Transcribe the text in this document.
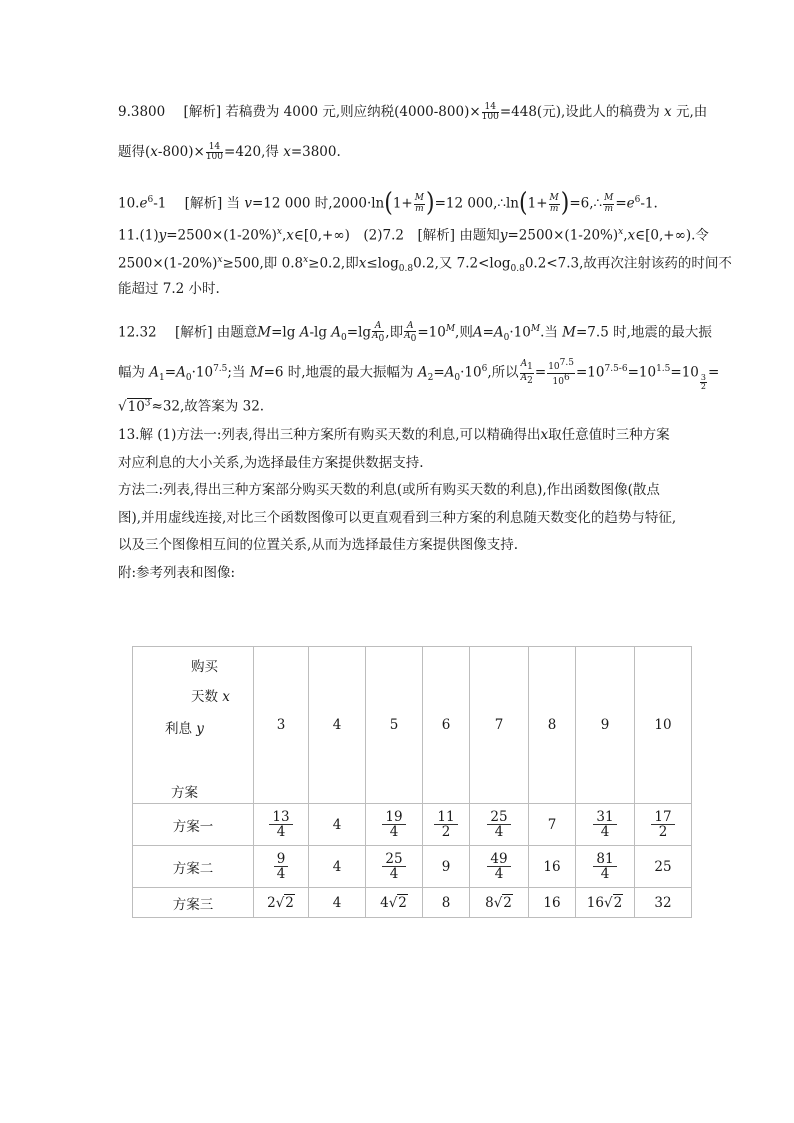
9.3800 [解析] 若稿费为 4000 元,则应纳税$(4000-800)\times \frac{14}{100} =448$(元),设此人的稿费为 x 元,由
题得$(x-800)\times \frac{14}{100} =420$,得 x=3800.
$10.e^6-1$ [解析] 当 v=12 000 时$,2000\cdot\ln(1+ \frac{M}{m} )=12$ 000,∴ln(1+ $\frac{M}{m}$ )=6,∴ $\frac{M}{m} =e^6-1$.
$11.(1)y=2500\times(1-20\%)^x,x\in[0,+\infty)$　(2)7.2　[解析] 由题知$y=2500\times(1-20\%)^x,x\in[0,+\infty)$.令
$2500\times(1-20\%)^x\ge 500$,即 $0.8^x\ge 0.2$,即$x\le\log_{0.8}0.2$,又 $7.2<\log_{0.8}0.2<7.3$,故再次注射该药的时间不
能超过 7.2 小时.
12.32 [解析] 由题意M=lg A-lg $A_0=\lg \frac{A}{A_0}$ ,即 $\frac{A}{A_0} =10^M$,则$A=A_0\cdot 10^M$.当 M=7.5 时,地震的最大振
幅为 $A_1=A_0\cdot 10^{7.5}$;当 M=6 时,地震的最大振幅为 $A_2=A_0\cdot 10^6$,所以 $\frac{A_1}{A_2} = \frac{10^{7.5}}{10^6} =10^{7.5-6}=10^{1.5}=10$
$^{\frac{3}{2}}$
=
$√10^3\approx 32$,故答案为 32.
13.解 (1)方法一:列表,得出三种方案所有购买天数的利息,可以精确得出x取任意值时三种方案对应利息的大小关系,为选择最佳方案提供数据支持.
方法二:列表,得出三种方案部分购买天数的利息(或所有购买天数的利息),作出函数图像(散点图),并用虚线连接,对比三个函数图像可以更直观看到三种方案的利息随天数变化的趋势与特征,以及三个图像相互间的位置关系,从而为选择最佳方案提供图像支持.
附:参考列表和图像:
购买
天数 x
利息 y
方案	3	4	5	6	7	8	9	10
方案一	$\frac{13}{4}$	4	$\frac{19}{4}$	$\frac{11}{2}$	$\frac{25}{4}$	7	$\frac{31}{4}$	$\frac{17}{2}$

方案二	$\frac{9}{4}$	4	$\frac{25}{4}$	9	$\frac{49}{4}$	16	$\frac{81}{4}$	25
方案三	2√2	4	4√2	8	8√2	16	16√2	32
